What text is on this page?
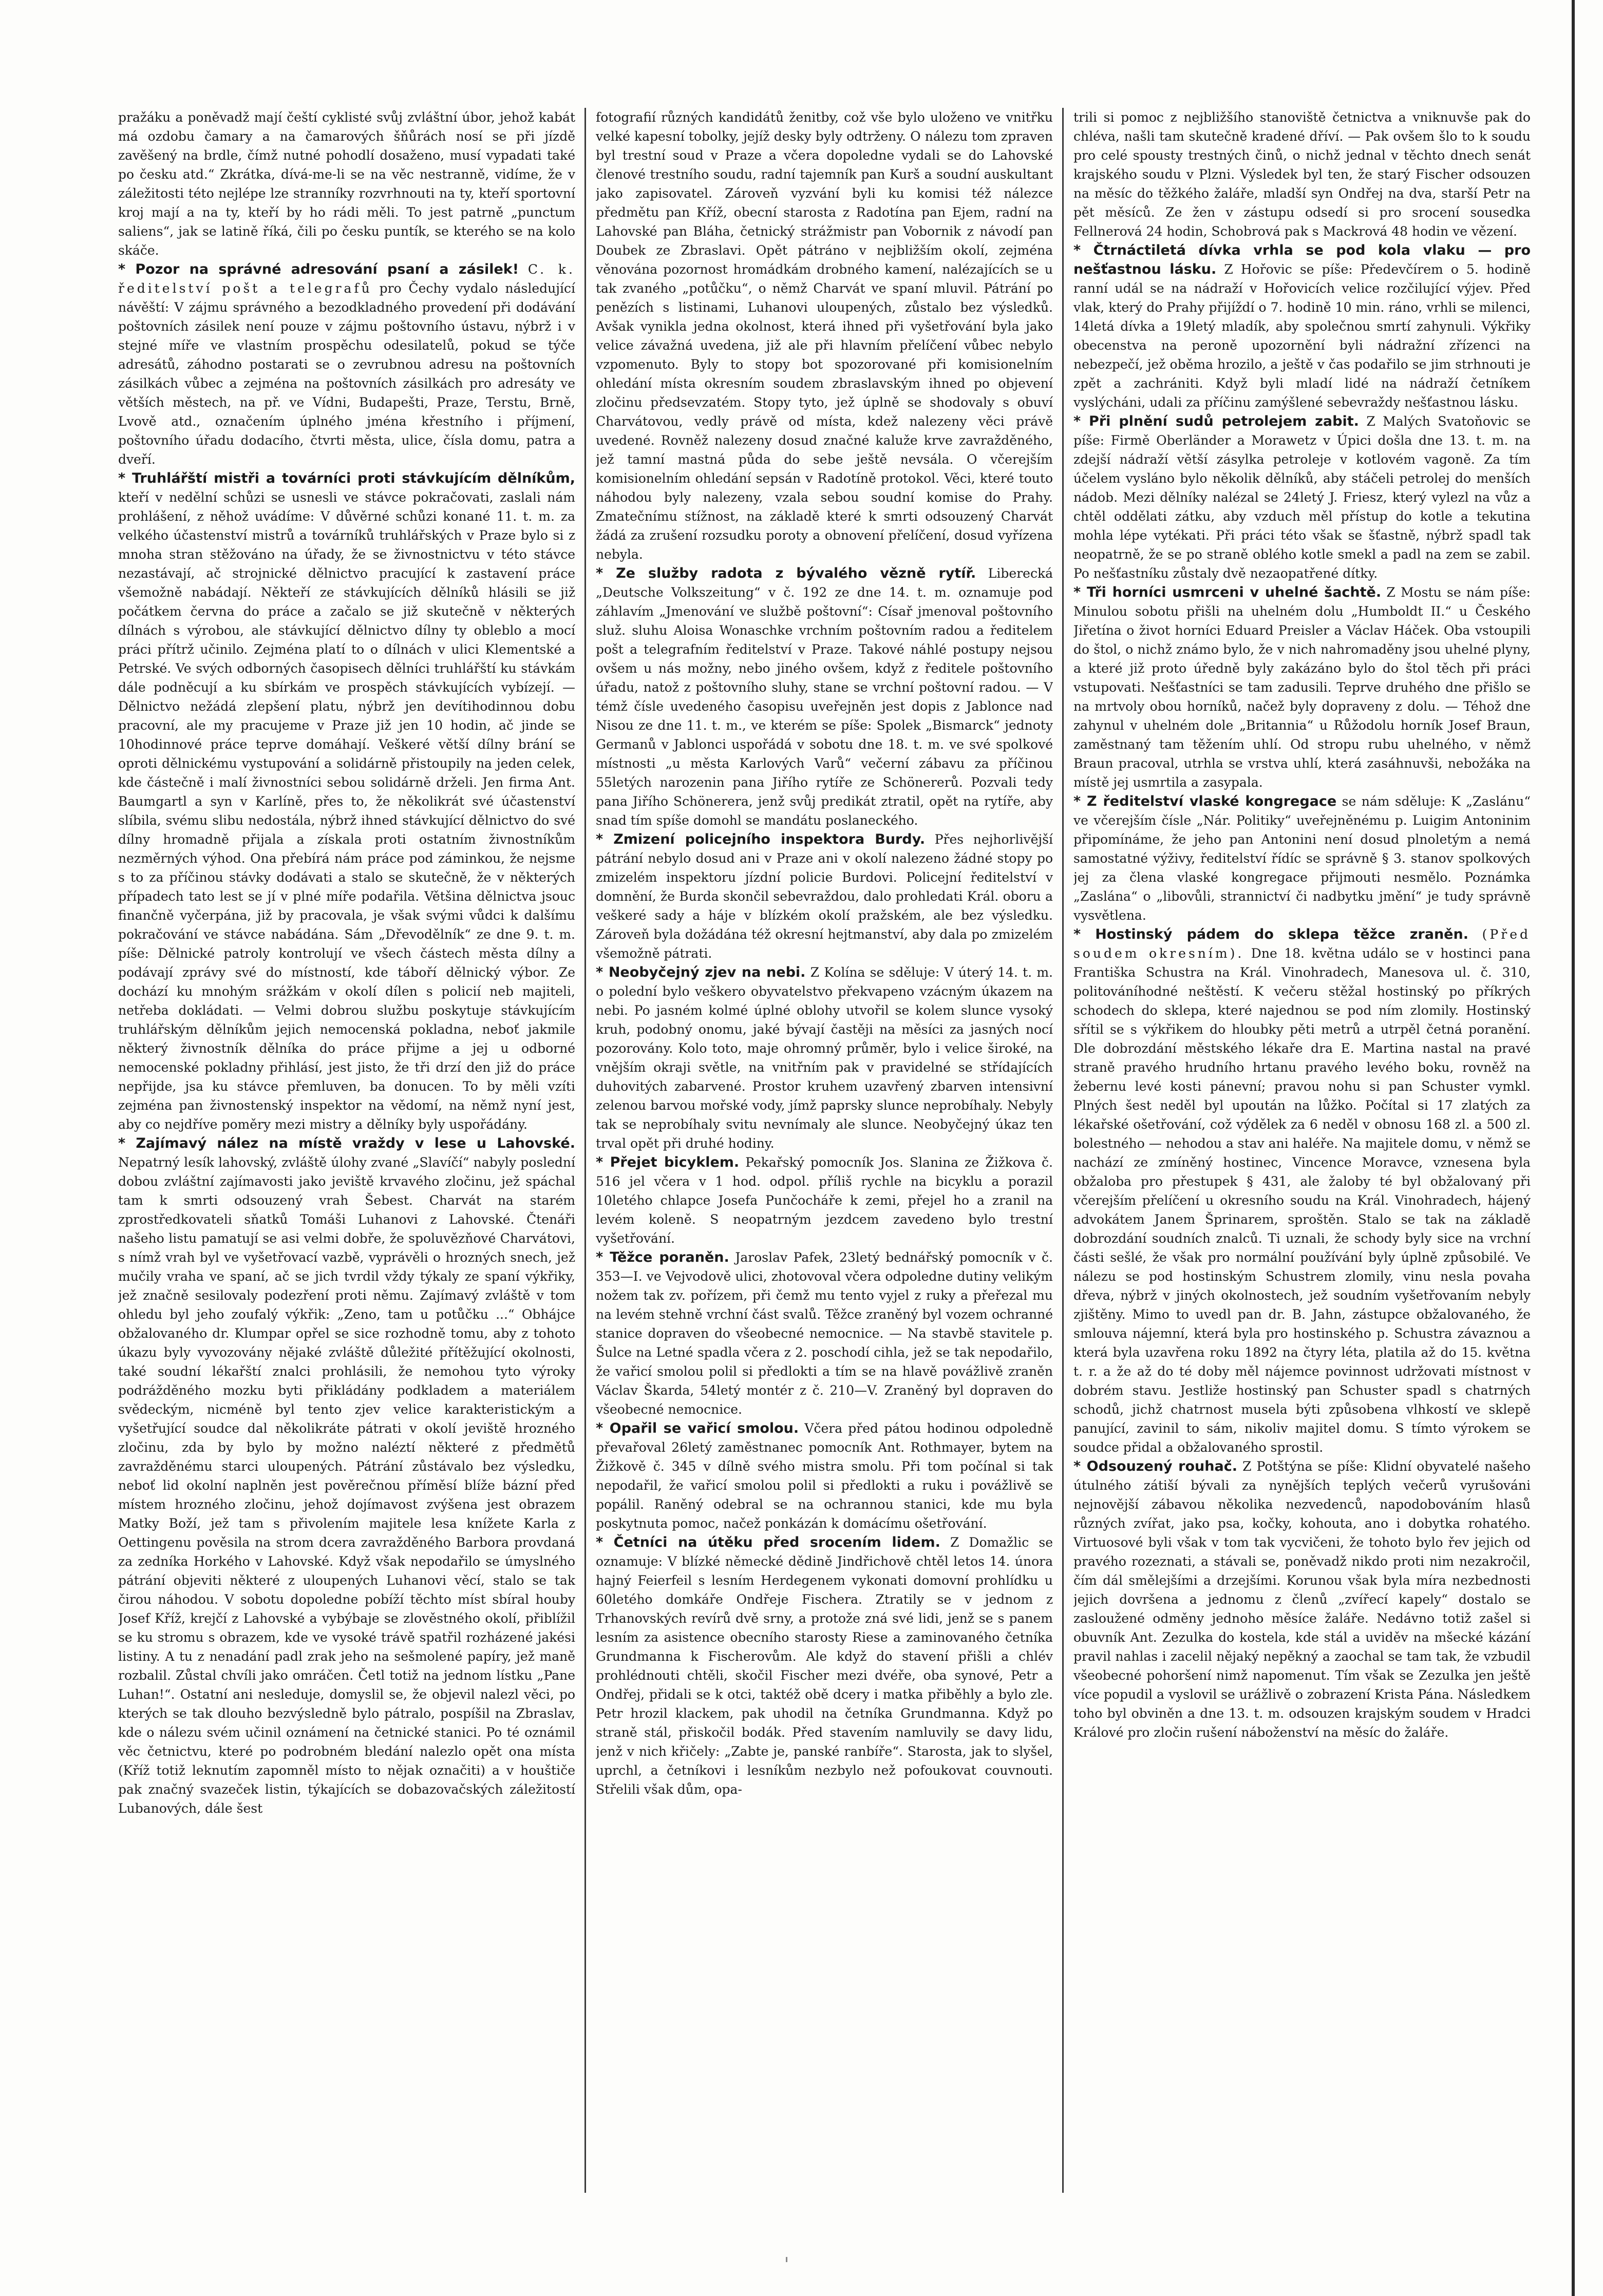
pražáku a poněvadž mají čeští cyklisté svůj zvláštní úbor, jehož kabát má ozdobu čamary a na čamarových šňůrách nosí se při jízdě zavěšený na brdle, čímž nutné pohodlí dosaženo, musí vypadati také po česku atd.“ Zkrátka, dívá-me-li se na věc nestranně, vidíme, že v záležitosti této nejlépe lze stranníky rozvrhnouti na ty, kteří sportovní kroj mají a na ty, kteří by ho rádi měli. To jest patrně „punctum saliens“, jak se latině říká, čili po česku puntík, se kterého se na kolo skáče.

* Pozor na správné adresování psaní a zásilek! C. k. ředitelství pošt a telegrafů pro Čechy vydalo následující návěští: V zájmu správného a bezodkladného provedení při dodávání poštovních zásilek není pouze v zájmu poštovního ústavu, nýbrž i v stejné míře ve vlastním prospěchu odesilatelů, pokud se týče adresátů, záhodno postarati se o zevrubnou adresu na poštovních zásilkách vůbec a zejména na poštovních zásilkách pro adresáty ve větších městech, na př. ve Vídni, Budapešti, Praze, Terstu, Brně, Lvově atd., označením úplného jména křestního i příjmení, poštovního úřadu dodacího, čtvrti města, ulice, čísla domu, patra a dveří.

* Truhlářští mistři a továrníci proti stávkujícím dělníkům, kteří v nedělní schůzi se usnesli ve stávce pokračovati, zaslali nám prohlášení, z něhož uvádíme: V důvěrné schůzi konané 11. t. m. za velkého účastenství mistrů a továrníků truhlářských v Praze bylo si z mnoha stran stěžováno na úřady, že se živnostnictvu v této stávce nezastávají, ač strojnické dělnictvo pracující k zastavení práce všemožně nabádají. Někteří ze stávkujících dělníků hlásili se již počátkem června do práce a začalo se již skutečně v některých dílnách s výrobou, ale stávkující dělnictvo dílny ty obleblo a mocí práci přítrž učinilo. Zejména platí to o dílnách v ulici Klementské a Petrské. Ve svých odborných časopisech dělníci truhlářští ku stávkám dále podněcují a ku sbírkám ve prospěch stávkujících vybízejí. — Dělnictvo nežádá zlepšení platu, nýbrž jen devítihodinnou dobu pracovní, ale my pracujeme v Praze již jen 10 hodin, ač jinde se 10hodinnové práce teprve domáhají. Veškeré větší dílny brání se oproti dělnickému vystupování a solidárně přistoupily na jeden celek, kde částečně i malí živnostníci sebou solidárně drželi. Jen firma Ant. Baumgartl a syn v Karlíně, přes to, že několikrát své účastenství slíbila, svému slibu nedostála, nýbrž ihned stávkující dělnictvo do své dílny hromadně přijala a získala proti ostatním živnostníkům nezměrných výhod. Ona přebírá nám práce pod záminkou, že nejsme s to za příčinou stávky dodávati a stalo se skutečně, že v některých případech tato lest se jí v plné míře podařila. Většina dělnictva jsouc finančně vyčerpána, již by pracovala, je však svými vůdci k dalšímu pokračování ve stávce nabádána. Sám „Dřevodělník“ ze dne 9. t. m. píše: Dělnické patroly kontrolují ve všech částech města dílny a podávají zprávy své do místností, kde táboří dělnický výbor. Ze dochází ku mnohým srážkám v okolí dílen s policií neb majiteli, netřeba dokládati. — Velmi dobrou službu poskytuje stávkujícím truhlářským dělníkům jejich nemocenská pokladna, neboť jakmile některý živnostník dělníka do práce přijme a jej u odborné nemocenské pokladny přihlásí, jest jisto, že tři drzí den již do práce nepřijde, jsa ku stávce přemluven, ba donucen. To by měli vzíti zejména pan živnostenský inspektor na vědomí, na němž nyní jest, aby co nejdříve poměry mezi mistry a dělníky byly uspořádány.

* Zajímavý nález na místě vraždy v lese u Lahovské. Nepatrný lesík lahovský, zvláště úlohy zvané „Slavíčí“ nabyly poslední dobou zvláštní zajímavosti jako jeviště krvavého zločinu, jež spáchal tam k smrti odsouzený vrah Šebest. Charvát na starém zprostředkovateli sňatků Tomáši Luhanovi z Lahovské. Čtenáři našeho listu pamatují se asi velmi dobře, že spoluvězňové Charvátovi, s nímž vrah byl ve vyšetřovací vazbě, vyprávěli o hrozných snech, jež mučily vraha ve spaní, ač se jich tvrdil vždy týkaly ze spaní výkřiky, jež značně sesilovaly podezření proti němu. Zajímavý zvláště v tom ohledu byl jeho zoufalý výkřik: „Zeno, tam u potůčku ...“ Obhájce obžalovaného dr. Klumpar opřel se sice rozhodně tomu, aby z tohoto úkazu byly vyvozovány nějaké zvláště důležité přítěžující okolnosti, také soudní lékařští znalci prohlásili, že nemohou tyto výroky podrážděného mozku byti přikládány podkladem a materiálem svědeckým, nicméně byl tento zjev velice karakteristickým a vyšetřující soudce dal několikráte pátrati v okolí jeviště hrozného zločinu, zda by bylo by možno naléztí některé z předmětů zavražděnému starci uloupených. Pátrání zůstávalo bez výsledku, neboť lid okolní naplněn jest pověrečnou příměsí blíže bázní před místem hrozného zločinu, jehož dojímavost zvýšena jest obrazem Matky Boží, jež tam s přivolením majitele lesa knížete Karla z Oettingenu pověsila na strom dcera zavražděného Barbora provdaná za zedníka Horkého v Lahovské. Když však nepodařilo se úmyslného pátrání objeviti některé z uloupených Luhanovi věcí, stalo se tak čirou náhodou. V sobotu dopoledne pobíží těchto míst sbíral houby Josef Kříž, krejčí z Lahovské a vybýbaje se zlověstného okolí, přiblížil se ku stromu s obrazem, kde ve vysoké trávě spatřil rozházené jakési listiny. A tu z nenadání padl zrak jeho na sešmolené papíry, jež maně rozbalil. Zůstal chvíli jako omráčen. Četl totiž na jednom lístku „Pane Luhan!“. Ostatní ani nesleduje, domyslil se, že objevil nalezl věci, po kterých se tak dlouho bezvýsledně bylo pátralo, pospíšil na Zbraslav, kde o nálezu svém učinil oznámení na četnické stanici. Po té oznámil věc četnictvu, které po podrobném bledání nalezlo opět ona místa (Kříž totiž leknutím zapomněl místo to nějak označiti) a v houštiče pak značný svazeček listin, týkajících se dobazovačských záležitostí Lubanových, dále šest

fotografií různých kandidátů ženitby, což vše bylo uloženo ve vnitřku velké kapesní tobolky, jejíž desky byly odtrženy. O nálezu tom zpraven byl trestní soud v Praze a včera dopoledne vydali se do Lahovské členové trestního soudu, radní tajemník pan Kurš a soudní auskultant jako zapisovatel. Zároveň vyzvání byli ku komisi též nálezce předmětu pan Kříž, obecní starosta z Radotína pan Ejem, radní na Lahovské pan Bláha, četnický strážmistr pan Vobornik z návodí pan Doubek ze Zbraslavi. Opět pátráno v nejbližším okolí, zejména věnována pozornost hromádkám drobného kamení, nalézajících se u tak zvaného „potůčku“, o němž Charvát ve spaní mluvil. Pátrání po penězích s listinami, Luhanovi uloupených, zůstalo bez výsledků. Avšak vynikla jedna okolnost, která ihned při vyšetřování byla jako velice závažná uvedena, již ale při hlavním přelíčení vůbec nebylo vzpomenuto. Byly to stopy bot spozorované při komisionelním ohledání místa okresním soudem zbraslavským ihned po objevení zločinu předsevzatém. Stopy tyto, jež úplně se shodovaly s obuví Charvátovou, vedly právě od místa, kdež nalezeny věci právě uvedené. Rovněž nalezeny dosud značné kaluže krve zavražděného, jež tamní mastná půda do sebe ještě nevsála. O včerejším komisionelním ohledání sepsán v Radotíně protokol. Věci, které touto náhodou byly nalezeny, vzala sebou soudní komise do Prahy. Zmatečnímu stížnost, na základě které k smrti odsouzený Charvát žádá za zrušení rozsudku poroty a obnovení přelíčení, dosud vyřízena nebyla.

* Ze služby radota z bývalého vězně rytíř. Liberecká „Deutsche Volkszeitung“ v č. 192 ze dne 14. t. m. oznamuje pod záhlavím „Jmenování ve službě poštovní“: Císař jmenoval poštovního služ. sluhu Aloisa Wonaschke vrchním poštovním radou a ředitelem pošt a telegrafním ředitelství v Praze. Takové náhlé postupy nejsou ovšem u nás možny, nebo jiného ovšem, když z ředitele poštovního úřadu, natož z poštovního sluhy, stane se vrchní poštovní radou. — V témž čísle uvedeného časopisu uveřejněn jest dopis z Jablonce nad Nisou ze dne 11. t. m., ve kterém se píše: Spolek „Bismarck“ jednoty Germanů v Jablonci uspořádá v sobotu dne 18. t. m. ve své spolkové místnosti „u města Karlových Varů“ večerní zábavu za příčinou 55letých narozenin pana Jiřího rytíře ze Schönererů. Pozvali tedy pana Jiřího Schönerera, jenž svůj predikát ztratil, opět na rytíře, aby snad tím spíše domohl se mandátu poslaneckého.

* Zmizení policejního inspektora Burdy. Přes nejhorlivější pátrání nebylo dosud ani v Praze ani v okolí nalezeno žádné stopy po zmizelém inspektoru jízdní policie Burdovi. Policejní ředitelství v domnění, že Burda skončil sebevraždou, dalo prohledati Král. oboru a veškeré sady a háje v blízkém okolí pražském, ale bez výsledku. Zároveň byla dožádána též okresní hejtmanství, aby dala po zmizelém všemožně pátrati.

* Neobyčejný zjev na nebi. Z Kolína se sděluje: V úterý 14. t. m. o polední bylo veškero obyvatelstvo překvapeno vzácným úkazem na nebi. Po jasném kolmé úplné oblohy utvořil se kolem slunce vysoký kruh, podobný onomu, jaké bývají častěji na měsíci za jasných nocí pozorovány. Kolo toto, maje ohromný průměr, bylo i velice široké, na vnějším okraji světle, na vnitřním pak v pravidelné se střídajících duhovitých zabarvené. Prostor kruhem uzavřený zbarven intensivní zelenou barvou mořské vody, jímž paprsky slunce neprobíhaly. Nebyly tak se neprobíhaly svitu nevnímaly ale slunce. Neobyčejný úkaz ten trval opět při druhé hodiny.

* Přejet bicyklem. Pekařský pomocník Jos. Slanina ze Žižkova č. 516 jel včera v 1 hod. odpol. příliš rychle na bicyklu a porazil 10letého chlapce Josefa Punčocháře k zemi, přejel ho a zranil na levém koleně. S neopatrným jezdcem zavedeno bylo trestní vyšetřování.

* Těžce poraněn. Jaroslav Pafek, 23letý bednářský pomocník v č. 353—I. ve Vejvodově ulici, zhotovoval včera odpoledne dutiny velikým nožem tak zv. pořízem, při čemž mu tento vyjel z ruky a přeřezal mu na levém stehně vrchní část svalů. Těžce zraněný byl vozem ochranné stanice dopraven do všeobecné nemocnice. — Na stavbě stavitele p. Šulce na Letné spadla včera z 2. poschodí cihla, jež se tak nepodařilo, že vařicí smolou polil si předlokti a tím se na hlavě povážlivě zraněn Václav Škarda, 54letý montér z č. 210—V. Zraněný byl dopraven do všeobecné nemocnice.

* Opařil se vařicí smolou. Včera před pátou hodinou odpoledně převařoval 26letý zaměstnanec pomocník Ant. Rothmayer, bytem na Žižkově č. 345 v dílně svého mistra smolu. Při tom počínal si tak nepodařil, že vařicí smolou polil si předlokti a ruku i povážlivě se popálil. Raněný odebral se na ochrannou stanici, kde mu byla poskytnuta pomoc, načež ponkázán k domácímu ošetřování.

* Četníci na útěku před srocením lidem. Z Domažlic se oznamuje: V blízké německé dědině Jindřichově chtěl letos 14. února hajný Feierfeil s lesním Herdegenem vykonati domovní prohlídku u 60letého domkáře Ondřeje Fischera. Ztratily se v jednom z Trhanovských revírů dvě srny, a protože zná své lidi, jenž se s panem lesním za asistence obecního starosty Riese a zaminovaného četníka Grundmanna k Fischerovům. Ale když do stavení přišli a chlév prohlédnouti chtěli, skočil Fischer mezi dvéře, oba synové, Petr a Ondřej, přidali se k otci, taktéž obě dcery i matka přiběhly a bylo zle. Petr hrozil klackem, pak uhodil na četníka Grundmanna. Když po straně stál, přiskočil bodák. Před stavením namluvily se davy lidu, jenž v nich křičely: „Zabte je, panské ranbíře“. Starosta, jak to slyšel, uprchl, a četníkovi i lesníkům nezbylo než pofoukovat couvnouti. Střelili však dům, opa-

trili si pomoc z nejbližšího stanoviště četnictva a vniknuvše pak do chléva, našli tam skutečně kradené dříví. — Pak ovšem šlo to k soudu pro celé spousty trestných činů, o nichž jednal v těchto dnech senát krajského soudu v Plzni. Výsledek byl ten, že starý Fischer odsouzen na měsíc do těžkého žaláře, mladší syn Ondřej na dva, starší Petr na pět měsíců. Ze žen v zástupu odsedí si pro srocení sousedka Fellnerová 24 hodin, Schobrová pak s Mackrová 48 hodin ve vězení.

* Čtrnáctiletá dívka vrhla se pod kola vlaku — pro nešťastnou lásku. Z Hořovic se píše: Předevčírem o 5. hodině ranní udál se na nádraží v Hořovicích velice rozčilující výjev. Před vlak, který do Prahy přijíždí o 7. hodině 10 min. ráno, vrhli se milenci, 14letá dívka a 19letý mladík, aby společnou smrtí zahynuli. Výkřiky obecenstva na peroně upozornění byli nádražní zřízenci na nebezpečí, jež oběma hrozilo, a ještě v čas podařilo se jim strhnouti je zpět a zachrániti. Když byli mladí lidé na nádraží četníkem vyslýcháni, udali za příčinu zamýšlené sebevraždy nešťastnou lásku.

* Při plnění sudů petrolejem zabit. Z Malých Svatoňovic se píše: Firmě Oberländer a Morawetz v Úpici došla dne 13. t. m. na zdejší nádraží větší zásylka petroleje v kotlovém vagoně. Za tím účelem vysláno bylo několik dělníků, aby stáčeli petrolej do menších nádob. Mezi dělníky nalézal se 24letý J. Friesz, který vylezl na vůz a chtěl oddělati zátku, aby vzduch měl přístup do kotle a tekutina mohla lépe vytékati. Při práci této však se šťastně, nýbrž spadl tak neopatrně, že se po straně oblého kotle smekl a padl na zem se zabil. Po nešťastníku zůstaly dvě nezaopatřené dítky.

* Tři horníci usmrceni v uhelné šachtě. Z Mostu se nám píše: Minulou sobotu přišli na uhelném dolu „Humboldt II.“ u Českého Jiřetína o život horníci Eduard Preisler a Václav Háček. Oba vstoupili do štol, o nichž známo bylo, že v nich nahromaděny jsou uhelné plyny, a které již proto úředně byly zakázáno bylo do štol těch při práci vstupovati. Nešťastníci se tam zadusili. Teprve druhého dne přišlo se na mrtvoly obou horníků, načež byly dopraveny z dolu. — Téhož dne zahynul v uhelném dole „Britannia“ u Růžodolu horník Josef Braun, zaměstnaný tam těžením uhlí. Od stropu rubu uhelného, v němž Braun pracoval, utrhla se vrstva uhlí, která zasáhnuvši, nebožáka na místě jej usmrtila a zasypala.

* Z ředitelství vlaské kongregace se nám sděluje: K „Zaslánu“ ve včerejším čísle „Nár. Politiky“ uveřejněnému p. Luigim Antoninim připomínáme, že jeho pan Antonini není dosud plnoletým a nemá samostatné výživy, ředitelství řídíc se správně § 3. stanov spolkových jej za člena vlaské kongregace přijmouti nesmělo. Poznámka „Zaslána“ o „libovůli, strannictví či nadbytku jmění“ je tudy správně vysvětlena.

* Hostinský pádem do sklepa těžce zraněn. (Před soudem okresním). Dne 18. května událo se v hostinci pana Františka Schustra na Král. Vinohradech, Manesova ul. č. 310, politováníhodné neštěstí. K večeru stěžal hostinský po příkrých schodech do sklepa, které najednou se pod ním zlomily. Hostinský sřítil se s výkřikem do hloubky pěti metrů a utrpěl četná poranění. Dle dobrozdání městského lékaře dra E. Martina nastal na pravé straně pravého hrudního hrtanu pravého levého boku, rovněž na žebernu levé kosti pánevní; pravou nohu si pan Schuster vymkl. Plných šest neděl byl upoután na lůžko. Počítal si 17 zlatých za lékařské ošetřování, což výdělek za 6 neděl v obnosu 168 zl. a 500 zl. bolestného — nehodou a stav ani haléře. Na majitele domu, v němž se nachází ze zmíněný hostinec, Vincence Moravce, vznesena byla obžaloba pro přestupek § 431, ale žaloby té byl obžalovaný při včerejším přelíčení u okresního soudu na Král. Vinohradech, hájený advokátem Janem Šprinarem, sproštěn. Stalo se tak na základě dobrozdání soudních znalců. Ti uznali, že schody byly sice na vrchní části sešlé, že však pro normální používání byly úplně způsobilé. Ve nálezu se pod hostinským Schustrem zlomily, vinu nesla povaha dřeva, nýbrž v jiných okolnostech, jež soudním vyšetřovaním nebyly zjištěny. Mimo to uvedl pan dr. B. Jahn, zástupce obžalovaného, že smlouva nájemní, která byla pro hostinského p. Schustra závaznou a která byla uzavřena roku 1892 na čtyry léta, platila až do 15. května t. r. a že až do té doby měl nájemce povinnost udržovati místnost v dobrém stavu. Jestliže hostinský pan Schuster spadl s chatrných schodů, jichž chatrnost musela býti způsobena vlhkostí ve sklepě panující, zavinil to sám, nikoliv majitel domu. S tímto výrokem se soudce přidal a obžalovaného sprostil.

* Odsouzený rouhač. Z Potštýna se píše: Klidní obyvatelé našeho útulného zátiší bývali za nynějších teplých večerů vyrušováni nejnovější zábavou několika nezvedenců, napodobováním hlasů různých zvířat, jako psa, kočky, kohouta, ano i dobytka rohatého. Virtuosové byli však v tom tak vycvičeni, že tohoto bylo řev jejich od pravého rozeznati, a stávali se, poněvadž nikdo proti nim nezakročil, čím dál smělejšími a drzejšími. Korunou však byla míra nezbednosti jejich dovršena a jednomu z členů „zvířecí kapely“ dostalo se zasloužené odměny jednoho měsíce žaláře. Nedávno totiž zašel si obuvník Ant. Zezulka do kostela, kde stál a uviděv na mšecké kázání pravil nahlas i zacelil nějaký nepěkný a zaochal se tam tak, že vzbudil všeobecné pohoršení nimž napomenut. Tím však se Zezulka jen ještě více popudil a vyslovil se urážlivě o zobrazení Krista Pána. Následkem toho byl obviněn a dne 13. t. m. odsouzen krajským soudem v Hradci Králové pro zločin rušení náboženství na měsíc do žaláře.
